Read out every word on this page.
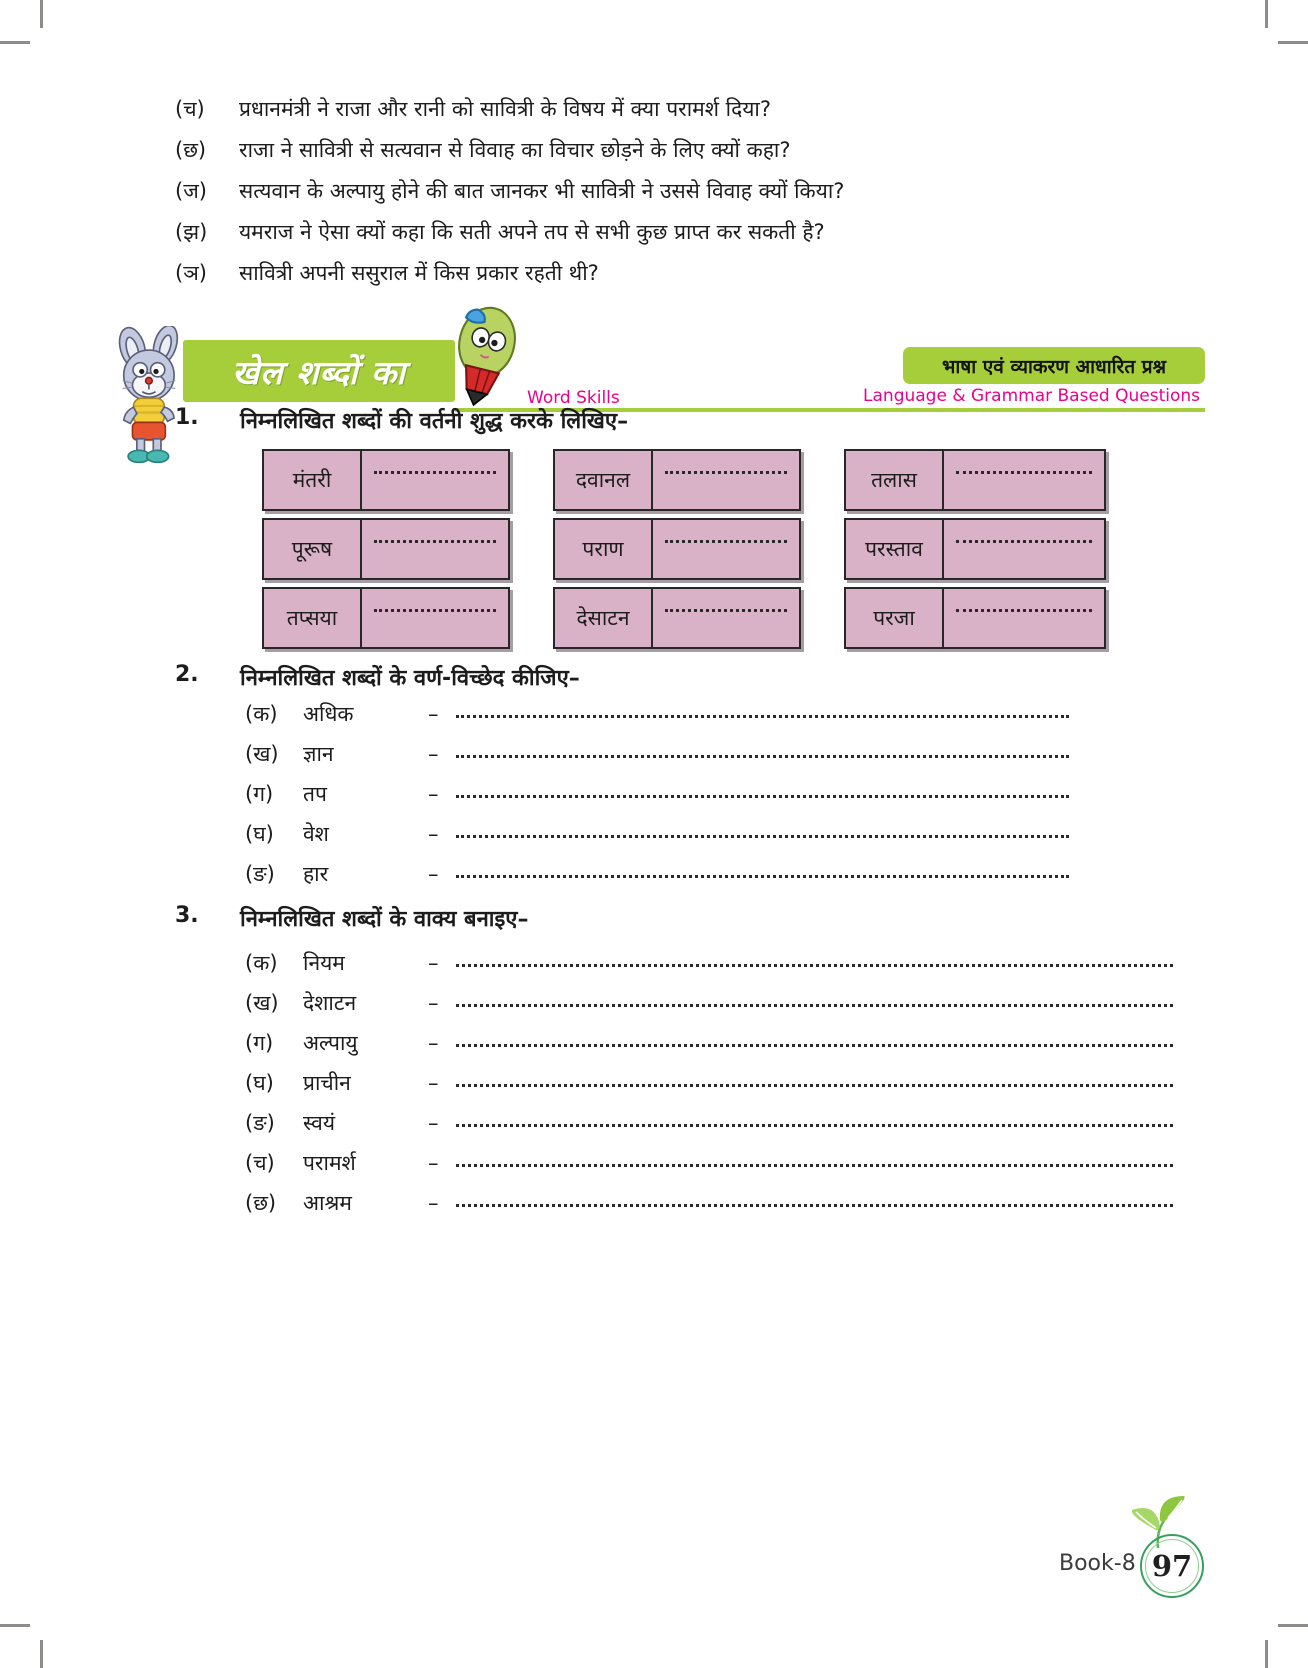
(च)	प्रधानमंत्री ने राजा और रानी को सावित्री के विषय में क्या परामर्श दिया?
(छ)	राजा ने सावित्री से सत्यवान से विवाह का विचार छोड़ने के लिए क्यों कहा?
(ज)	सत्यवान के अल्पायु होने की बात जानकर भी सावित्री ने उससे विवाह क्यों किया?
(झ)	यमराज ने ऐसा क्यों कहा कि सती अपने तप से सभी कुछ प्राप्त कर सकती है?
(ञ)	सावित्री अपनी ससुराल में किस प्रकार रहती थी?
खेल शब्दों का
Word Skills
भाषा एवं व्याकरण आधारित प्रश्न
Language & Grammar Based Questions
1.	निम्नलिखित शब्दों की वर्तनी शुद्ध करके लिखिए–
मंतरी	दवानल	तलास
पूरूष	पराण	परस्ताव
तप्सया	देसाटन	परजा
2.	निम्नलिखित शब्दों के वर्ण-विच्छेद कीजिए–
(क)	अधिक	–
(ख)	ज्ञान	–
(ग)	तप	–
(घ)	वेश	–
(ङ)	हार	–
3.	निम्नलिखित शब्दों के वाक्य बनाइए–
(क)	नियम	–
(ख)	देशाटन	–
(ग)	अल्पायु	–
(घ)	प्राचीन	–
(ङ)	स्वयं	–
(च)	परामर्श	–
(छ)	आश्रम	–
Book-8 97
